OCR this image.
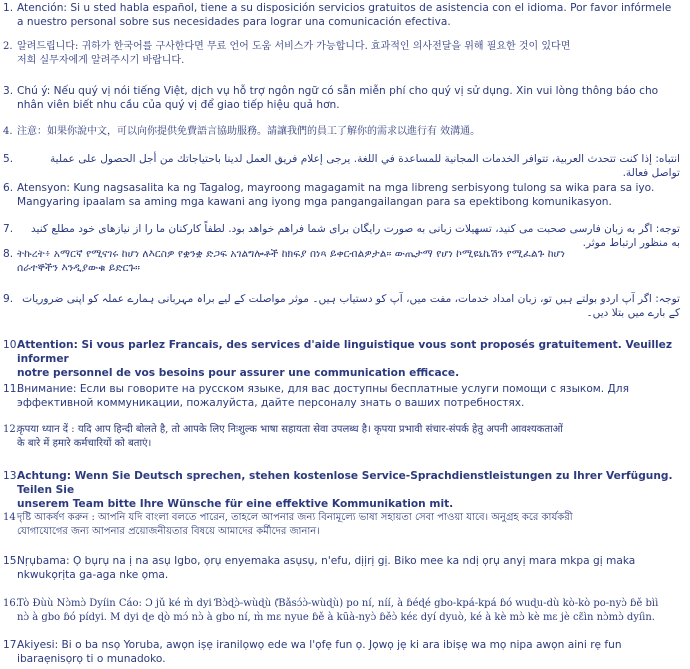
1. Atención: Si u sted habla español, tiene a su disposición servicios gratuitos de asistencia con el idioma. Por favor infórmele
a nuestro personal sobre sus necesidades para lograr una comunicación efectiva.
2. 알려드립니다: 귀하가 한국어를 구사한다면 무료 언어 도움 서비스가 가능합니다. 효과적인 의사전달을 위해 필요한 것이 있다면
저희 실무자에게 알려주시기 바랍니다.
3. Chú ý: Nếu quý vị nói tiếng Việt, dịch vụ hỗ trợ ngôn ngữ có sẵn miễn phí cho quý vị sử dụng. Xin vui lòng thông báo cho
nhân viên biết nhu cầu của quý vị để giao tiếp hiệu quả hơn.
4. 注意：如果你說中文，可以向你提供免費語言協助服務。請讓我們的員工了解你的需求以進行有 效溝通。
5.	انتباه: إذا كنت تتحدث العربية، تتوافر الخدمات المجانية للمساعدة في اللغة. يرجى إعلام فريق العمل لدينا باحتياجاتك من أجل الحصول على عملية تواصل فعالة.
6. Atensyon: Kung nagsasalita ka ng Tagalog, mayroong magagamit na mga libreng serbisyong tulong sa wika para sa iyo.
Mangyaring ipaalam sa aming mga kawani ang iyong mga pangangailangan para sa epektibong komunikasyon.
7.	توجه: اگر به زبان فارسی صحبت می کنید، تسهیلات زبانی به صورت رایگان برای شما فراهم خواهد بود. لطفاً کارکنان ما را از نیازهای خود مطلع کنید به منظور ارتباط موثر.
8. ትኩረት፥ አማርኛ የሚናገሩ ከሆነ ለእርስዎ የቋንቋ ድጋፍ አገልግሎቶች ከክፍያ በነጻ ይቀርብልዎታል። ውጤታማ የሆነ ኮሚዩኒኬሽን የሚፈልጉ ከሆነ
ሰራተኞችን እንዲያውቁ ይድርጉ።
9. توجہ: اگر آپ اردو بولتے ہیں تو، زبان امداد خدمات، مفت میں، آپ کو دستیاب ہیں۔ موثر مواصلت کے لیے براہ مہربانی ہمارے عملہ کو اپنی ضروریات کے بارے میں بتلا دیں۔
10.
Attention: Si vous parlez Francais, des services d'aide linguistique vous sont proposés gratuitement. Veuillez informer
notre personnel de vos besoins pour assurer une communication efficace.
11.
Внимание: Если вы говорите на русском языке, для вас доступны бесплатные услуги помощи с языком. Для
эффективной коммуникации, пожалуйста, дайте персоналу знать о ваших потребностях.
12.
कृपया ध्यान दें : यदि आप हिन्दी बोलते है, तो आपके लिए निःशुल्क भाषा सहायता सेवा उपलब्ध है। कृपया प्रभावी संचार-संपर्क हेतु अपनी आवश्यकताओं
के बारे में हमारे कर्मचारियों को बताएं।
13.
Achtung: Wenn Sie Deutsch sprechen, stehen kostenlose Service-Sprachdienstleistungen zu Ihrer Verfügung. Teilen Sie
unserem Team bitte Ihre Wünsche für eine effektive Kommunikation mit.
14 দৃষ্টি আকর্ষণ করুন : আপনি যদি বাংলা বলতে পারেন, তাহলে আপনার জন্য বিনামূল্যে ভাষা সহায়তা সেবা পাওয়া যাবে। অনুগ্রহ করে কার্যকরী
যোগাযোগের জন্য আপনার প্রয়োজনীয়তার বিষয়ে আমাদের কর্মীদের জানান।
15.
Nṛụbama: Ọ bụrụ na ị na asụ Igbo, ọrụ enyemaka asụsụ, n'efu, dịịrị gị. Biko mee ka ndị ọrụ anyị mara mkpa gị maka
nkwukọrịta ga-aga nke ọma.
16.
Tò Ɖùù Nɔ̀mɔ̀ Dyíin Cáo: Ɔ jǔ ké m̀ dyi Ɓɔ̀ɖɔ̀-wùɖù (Ɓǎsɔ́ɔ̀-wùɖù) po ní, níí, à ɓéɖé gbo-kpá-kpá ɓó wuɖu-dù kò-kò po-nyɔ̀ ɓě bìì
nɔ̀ à gbo ɓó pídyi. M dyi ɖe ɖò mɔ́ nɔ̀ à gbo ní, m̀ mɛ nyue ɓě à kũà-nyɔ̀ ɓěɔ̀ kéɛ dyí dyuò, ké à kè mɔ̀ kè mɛ jè cɛ̃ìn nɔ̀mɔ̀ dyíìn.
17.
Akiyesi: Bi o ba nsọ Yoruba, awọn iṣẹ iranilọwọ ede wa l'ọfẹ fun ọ. Jọwọ jẹ ki ara ibiṣẹ wa mọ nipa awọn aini rẹ fun
ibaraẹnisọrọ ti o munadoko.
